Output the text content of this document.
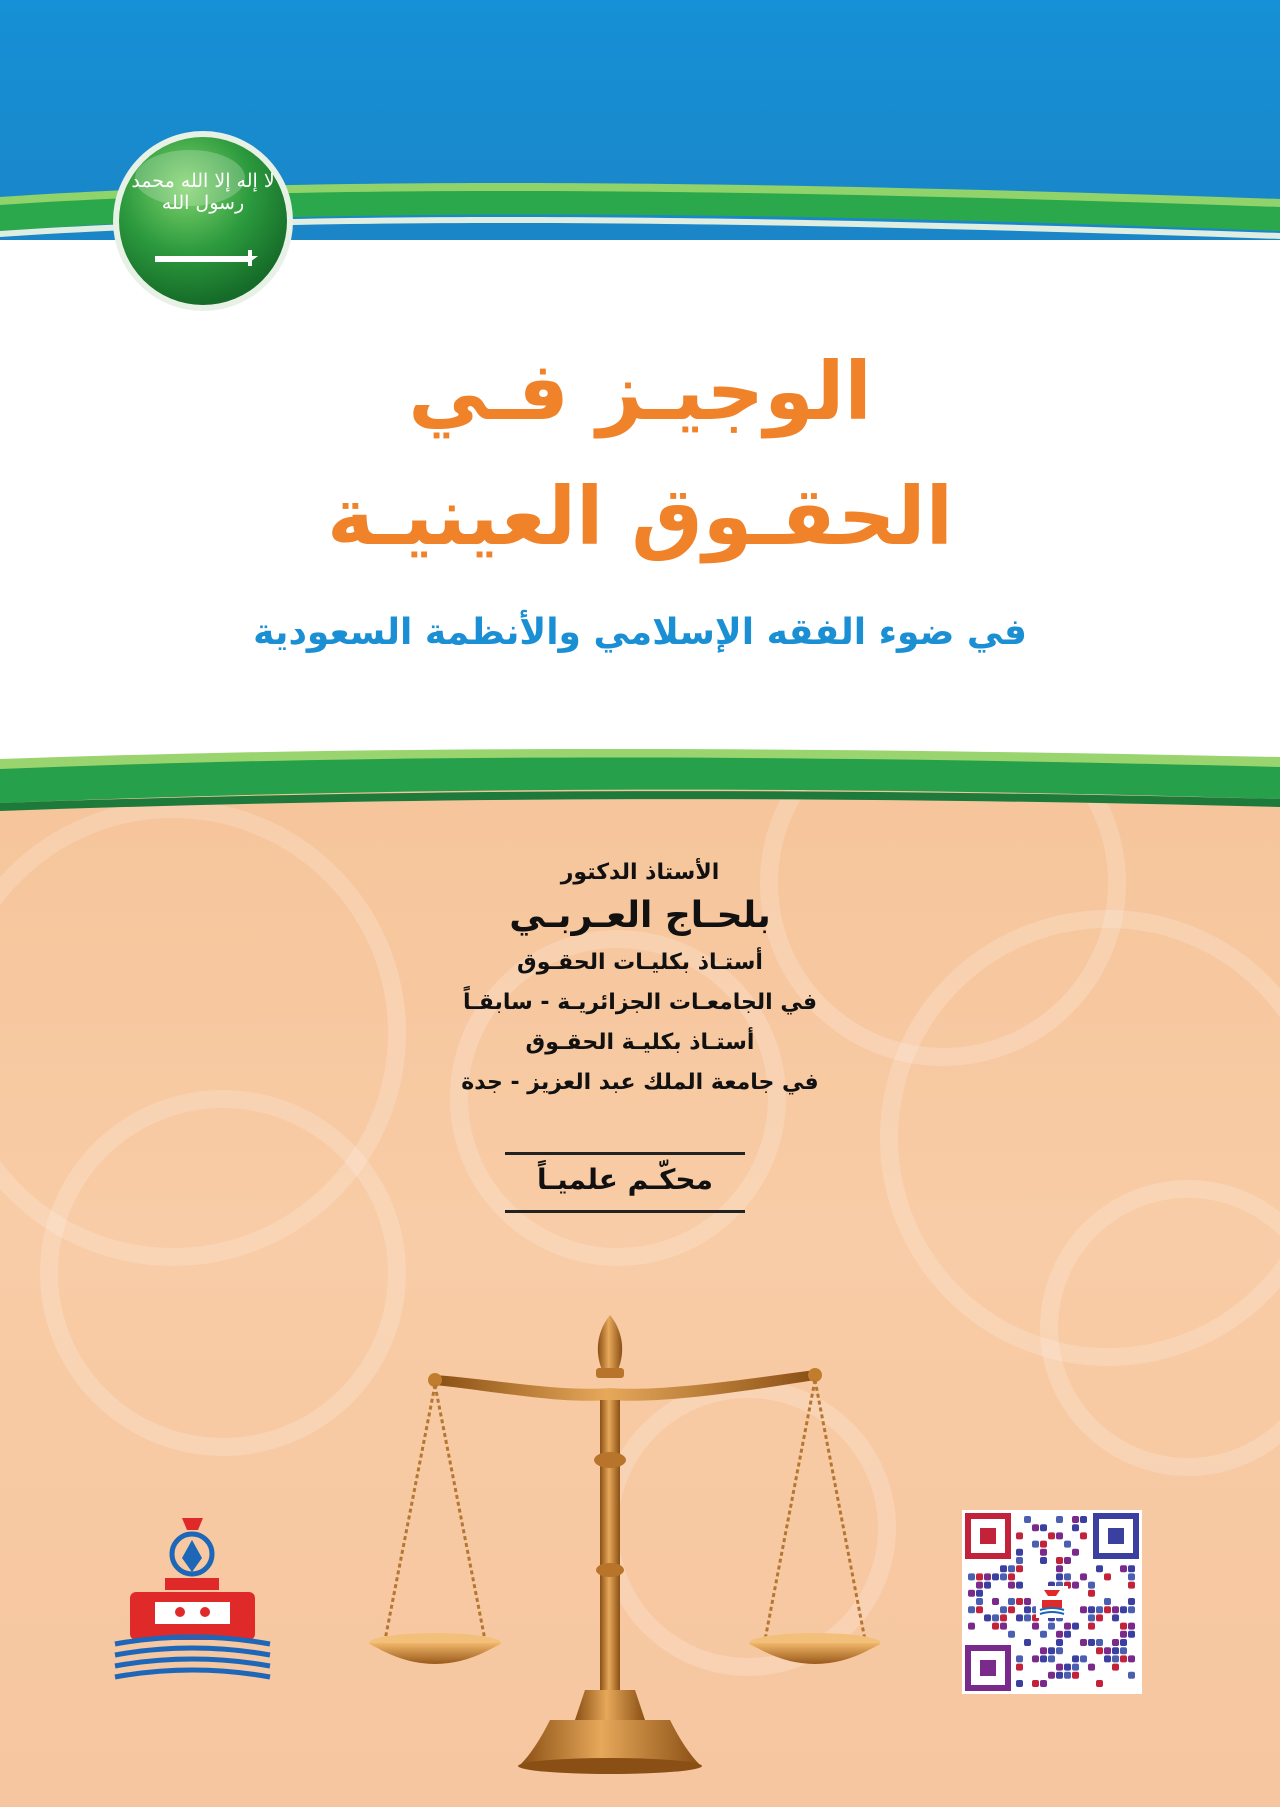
لا إله إلا الله محمد رسول الله
الوجيـز فـي
الحقـوق العينيـة
في ضوء الفقه الإسلامي والأنظمة السعودية
الأستاذ الدكتور
بلحـاج العـربـي
أستـاذ بكليـات الحقـوق
في الجامعـات الجزائريـة - سابقـاً
أستـاذ بكليـة الحقـوق
في جامعة الملك عبد العزيز - جدة
محكّـم علميـاً
